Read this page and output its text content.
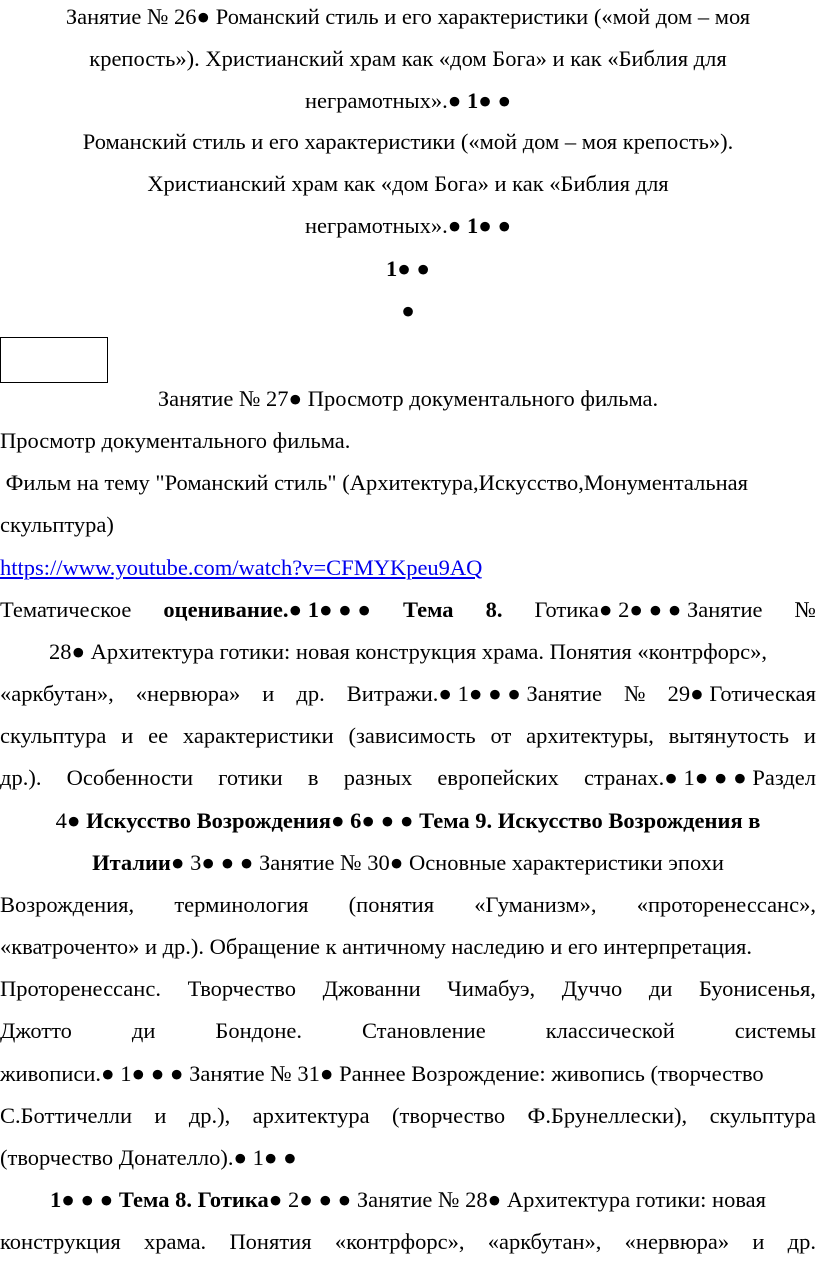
Занятие № 26● Романский стиль и его характеристики («мой дом – моя
крепость»). Христианский храм как «дом Бога» и как «Библия для
неграмотных».● 1● ●
Романский стиль и его характеристики («мой дом – моя крепость»).
Христианский храм как «дом Бога» и как «Библия для
неграмотных».● 1● ●
1● ●
●
Занятие № 27● Просмотр документального фильма.
Просмотр документального фильма.
Фильм на тему "Романский стиль" (Архитектура,Искусство,Монументальная
скульптура)
https://www.youtube.com/watch?v=CFMYKpeu9AQ
Тематическое оценивание.● 1● ● ● Тема 8. Готика● 2● ● ● Занятие №
28● Архитектура готики: новая конструкция храма. Понятия «контрфорс»,
«аркбутан», «нервюра» и др. Витражи.● 1● ● ● Занятие № 29● Готическая
скульптура и ее характеристики (зависимость от архитектуры, вытянутость и
др.). Особенности готики в разных европейских странах.● 1● ● ● Раздел
4● Искусство Возрождения● 6● ● ● Тема 9. Искусство Возрождения в
Италии● 3● ● ● Занятие № 30● Основные характеристики эпохи
Возрождения, терминология (понятия «Гуманизм», «проторенессанс»,
«кватроченто» и др.). Обращение к античному наследию и его интерпретация.
Проторенессанс. Творчество Джованни Чимабуэ, Дуччо ди Буонисенья,
Джотто	ди	Бондоне.	Становление	классической	системы
живописи.● 1● ● ● Занятие № 31● Раннее Возрождение: живопись (творчество
С.Боттичелли и др.), архитектура (творчество Ф.Брунеллески), скульптура
(творчество Донателло).● 1● ●
1● ● ● Тема 8. Готика● 2● ● ● Занятие № 28● Архитектура готики: новая
конструкция храма. Понятия «контрфорс», «аркбутан», «нервюра» и др.
